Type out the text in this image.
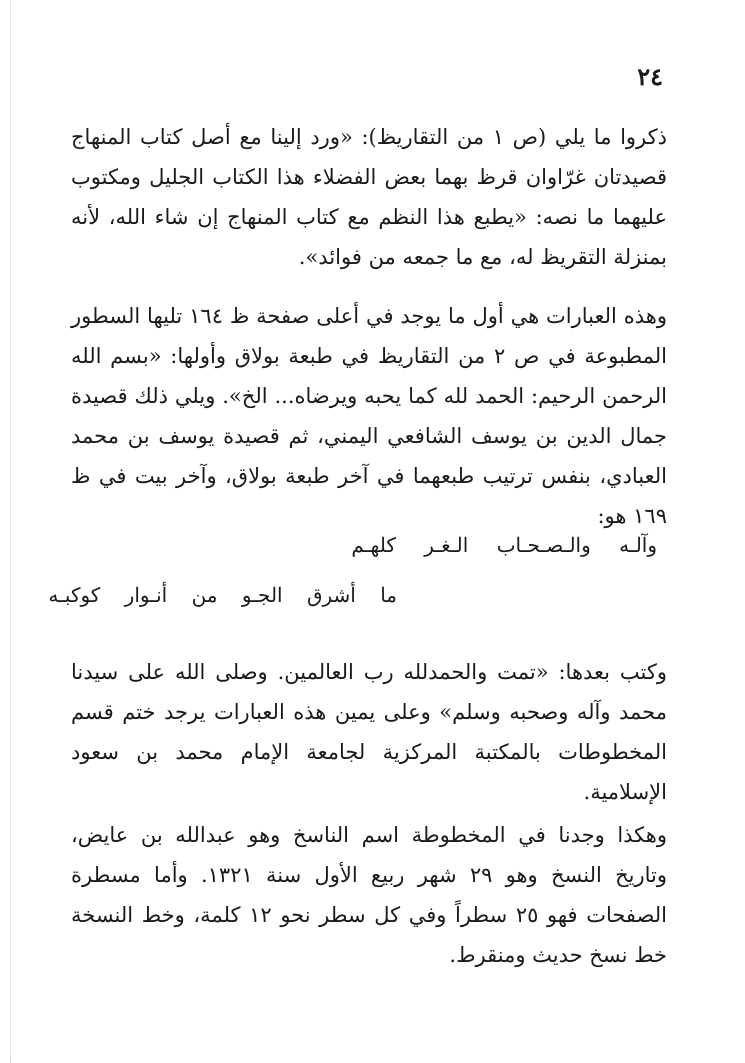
٢٤

ذكروا ما يلي (ص ١ من التقاريظ): «ورد إلينا مع أصل كتاب المنهاج قصيدتان غرّاوان قرظ بهما بعض الفضلاء هذا الكتاب الجليل ومكتوب عليهما ما نصه: «يطبع هذا النظم مع كتاب المنهاج إن شاء الله، لأنه بمنزلة التقريظ له، مع ما جمعه من فوائد».

وهذه العبارات هي أول ما يوجد في أعلى صفحة ظ ١٦٤ تليها السطور المطبوعة في ص ٢ من التقاريظ في طبعة بولاق وأولها: «بسم الله الرحمن الرحيم: الحمد لله كما يحبه ويرضاه... الخ». ويلي ذلك قصيدة جمال الدين بن يوسف الشافعي اليمني، ثم قصيدة يوسف بن محمد العبادي، بنفس ترتيب طبعهما في آخر طبعة بولاق، وآخر بيت في ظ ١٦٩ هو:

وآلـه والـصـحـاب الـغـر كلهـم

ما أشرق الجـو من أنـوار كوكبـه

وكتب بعدها: «تمت والحمدلله رب العالمين. وصلى الله على سيدنا محمد وآله وصحبه وسلم» وعلى يمين هذه العبارات يرجد ختم قسم المخطوطات بالمكتبة المركزية لجامعة الإمام محمد بن سعود الإسلامية.

وهكذا وجدنا في المخطوطة اسم الناسخ وهو عبدالله بن عايض، وتاريخ النسخ وهو ٢٩ شهر ربيع الأول سنة ١٣٢١. وأما مسطرة الصفحات فهو ٢٥ سطراً وفي كل سطر نحو ١٢ كلمة، وخط النسخة خط نسخ حديث ومنقرط.
